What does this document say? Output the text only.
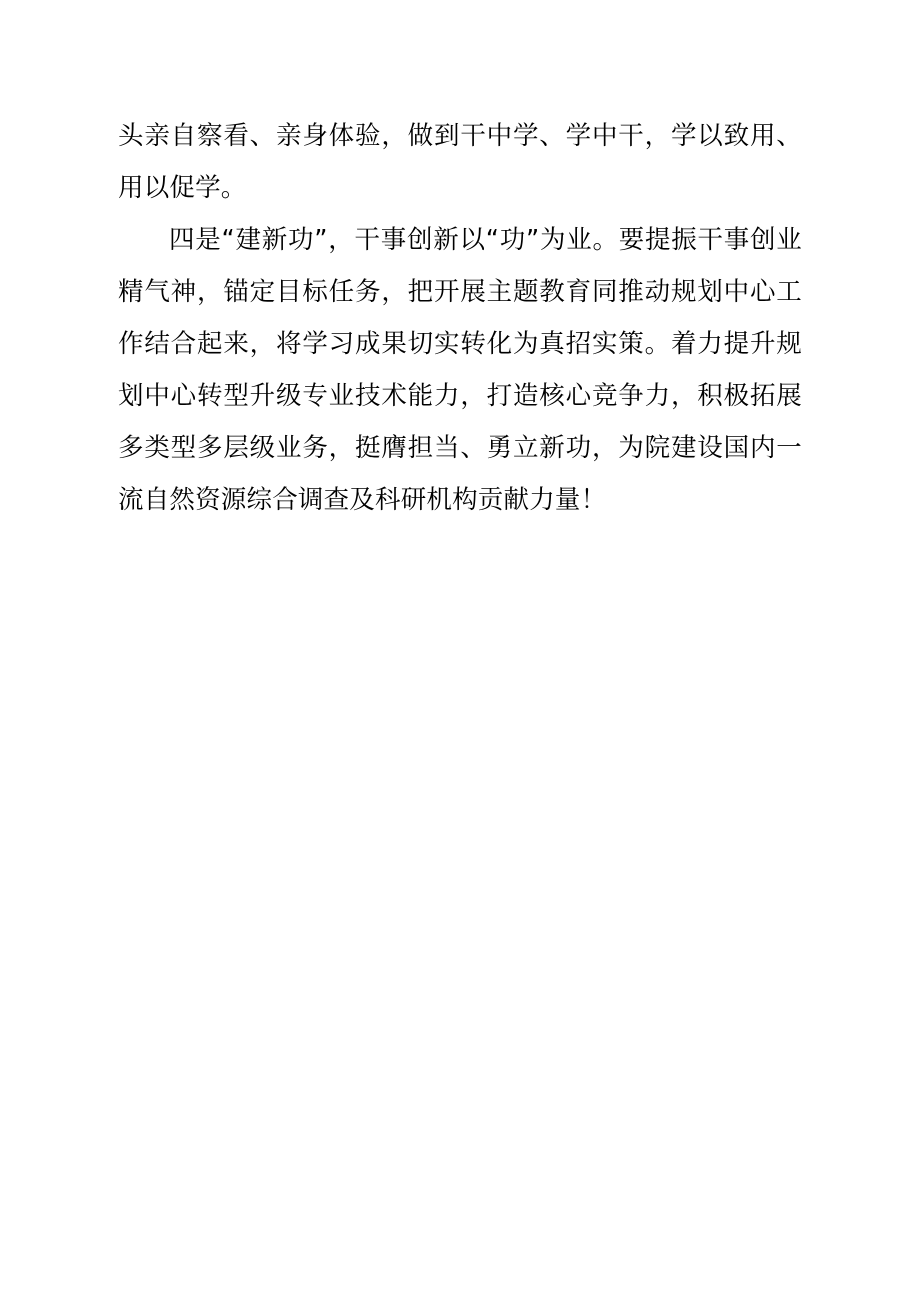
头亲自察看、亲身体验，做到干中学、学中干，学以致用、用以促学。

四是“建新功”，干事创新以“功”为业。要提振干事创业精气神，锚定目标任务，把开展主题教育同推动规划中心工作结合起来，将学习成果切实转化为真招实策。着力提升规划中心转型升级专业技术能力，打造核心竞争力，积极拓展多类型多层级业务，挺膺担当、勇立新功，为院建设国内一流自然资源综合调查及科研机构贡献力量！
